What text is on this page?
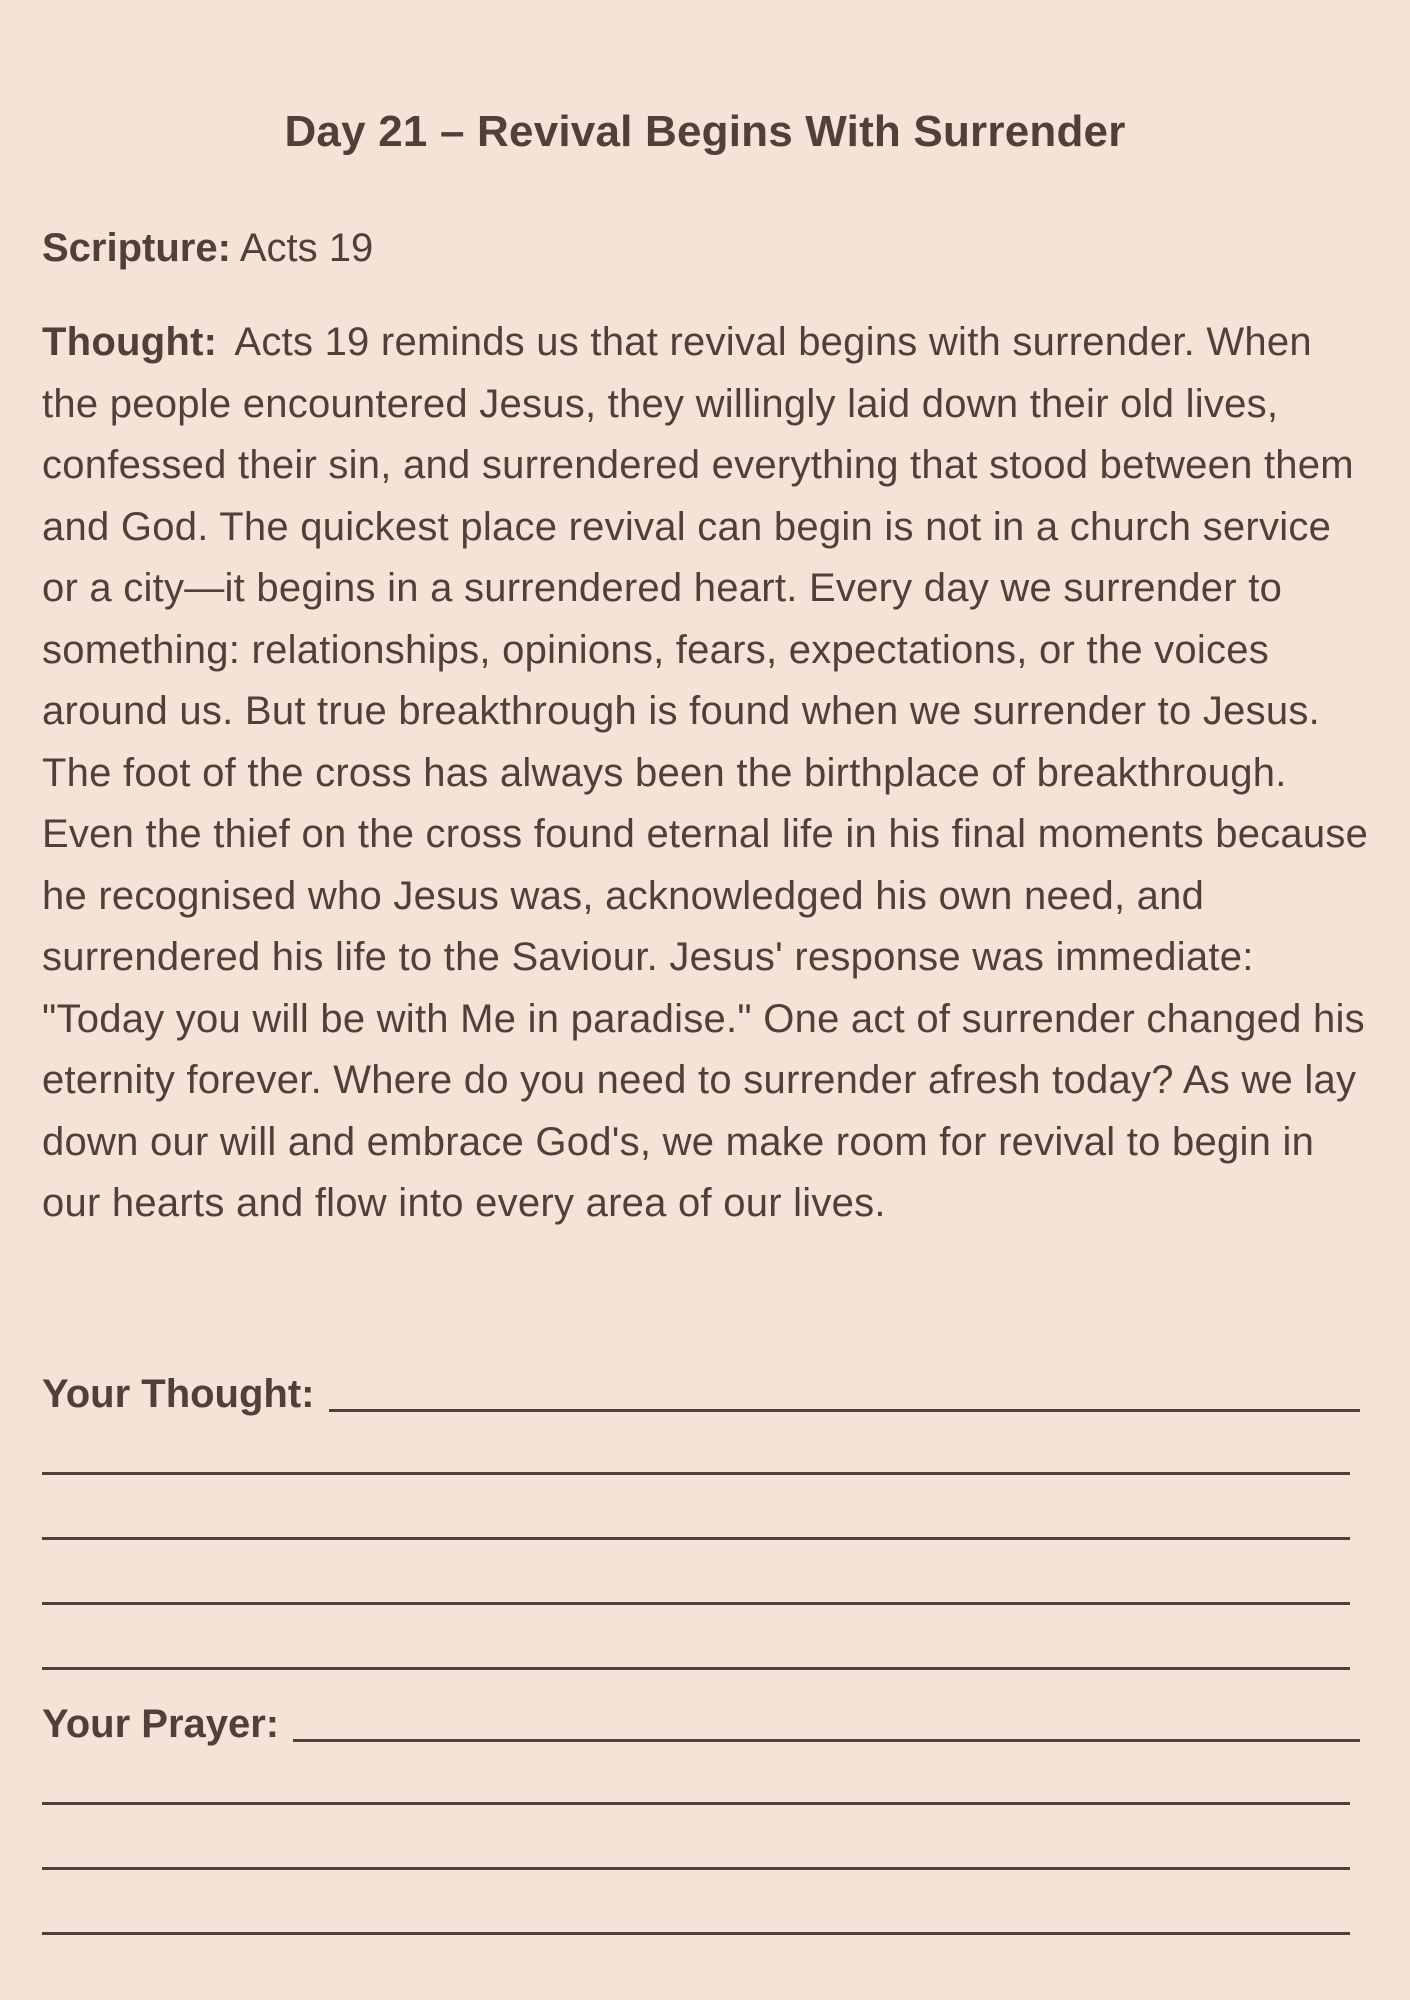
Day 21 – Revival Begins With Surrender
Scripture: Acts 19
Thought: Acts 19 reminds us that revival begins with surrender. When the people encountered Jesus, they willingly laid down their old lives, confessed their sin, and surrendered everything that stood between them and God. The quickest place revival can begin is not in a church service or a city—it begins in a surrendered heart. Every day we surrender to something: relationships, opinions, fears, expectations, or the voices around us. But true breakthrough is found when we surrender to Jesus. The foot of the cross has always been the birthplace of breakthrough. Even the thief on the cross found eternal life in his final moments because he recognised who Jesus was, acknowledged his own need, and surrendered his life to the Saviour. Jesus' response was immediate: "Today you will be with Me in paradise." One act of surrender changed his eternity forever. Where do you need to surrender afresh today? As we lay down our will and embrace God's, we make room for revival to begin in our hearts and flow into every area of our lives.
Your Thought:
Your Prayer:
